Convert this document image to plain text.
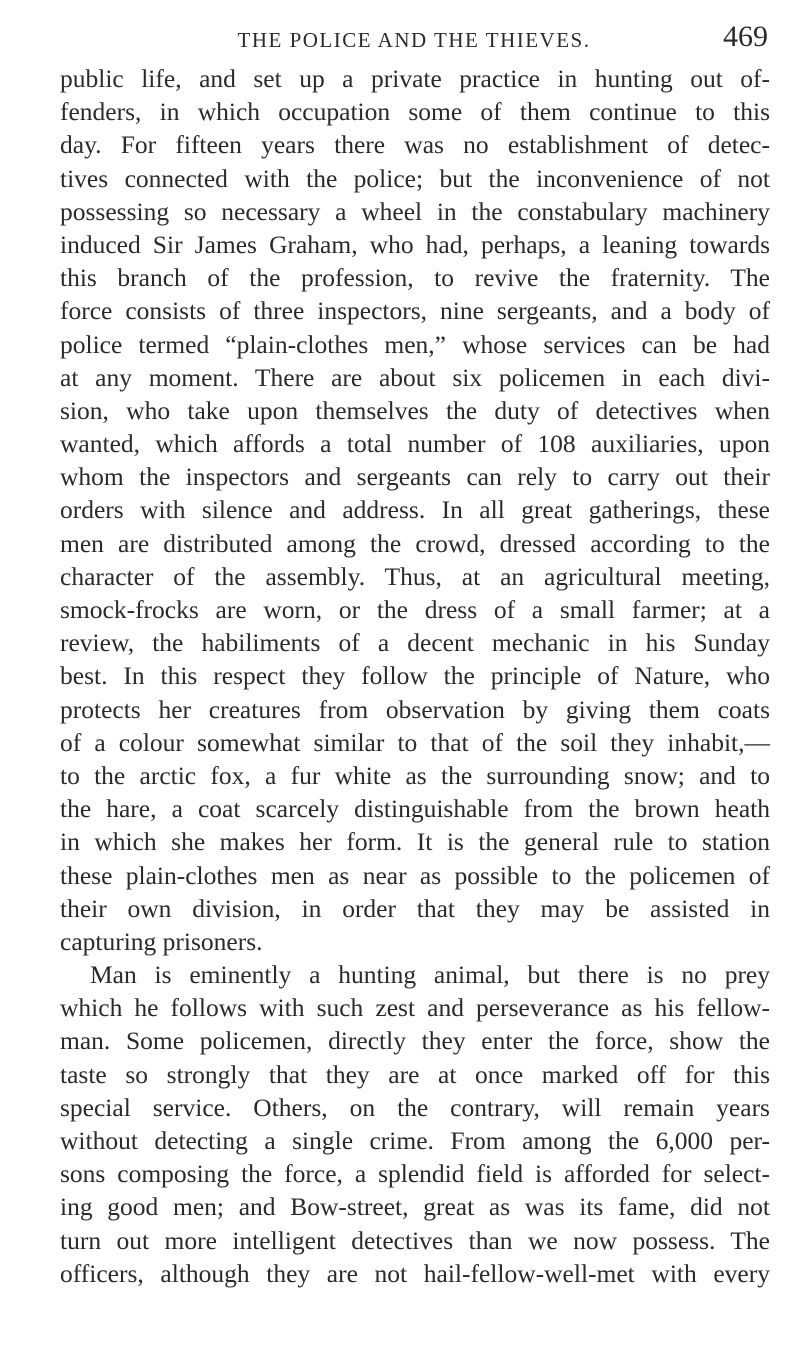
THE POLICE AND THE THIEVES.	469
public life, and set up a private practice in hunting out of-
fenders, in which occupation some of them continue to this
day. For fifteen years there was no establishment of detec-
tives connected with the police; but the inconvenience of not
possessing so necessary a wheel in the constabulary machinery
induced Sir James Graham, who had, perhaps, a leaning towards
this branch of the profession, to revive the fraternity. The
force consists of three inspectors, nine sergeants, and a body of
police termed “plain-clothes men,” whose services can be had
at any moment. There are about six policemen in each divi-
sion, who take upon themselves the duty of detectives when
wanted, which affords a total number of 108 auxiliaries, upon
whom the inspectors and sergeants can rely to carry out their
orders with silence and address. In all great gatherings, these
men are distributed among the crowd, dressed according to the
character of the assembly. Thus, at an agricultural meeting,
smock-frocks are worn, or the dress of a small farmer; at a
review, the habiliments of a decent mechanic in his Sunday
best. In this respect they follow the principle of Nature, who
protects her creatures from observation by giving them coats
of a colour somewhat similar to that of the soil they inhabit,—
to the arctic fox, a fur white as the surrounding snow; and to
the hare, a coat scarcely distinguishable from the brown heath
in which she makes her form. It is the general rule to station
these plain-clothes men as near as possible to the policemen of
their own division, in order that they may be assisted in
capturing prisoners.
Man is eminently a hunting animal, but there is no prey
which he follows with such zest and perseverance as his fellow-
man. Some policemen, directly they enter the force, show the
taste so strongly that they are at once marked off for this
special service. Others, on the contrary, will remain years
without detecting a single crime. From among the 6,000 per-
sons composing the force, a splendid field is afforded for select-
ing good men; and Bow-street, great as was its fame, did not
turn out more intelligent detectives than we now possess. The
officers, although they are not hail-fellow-well-met with every
